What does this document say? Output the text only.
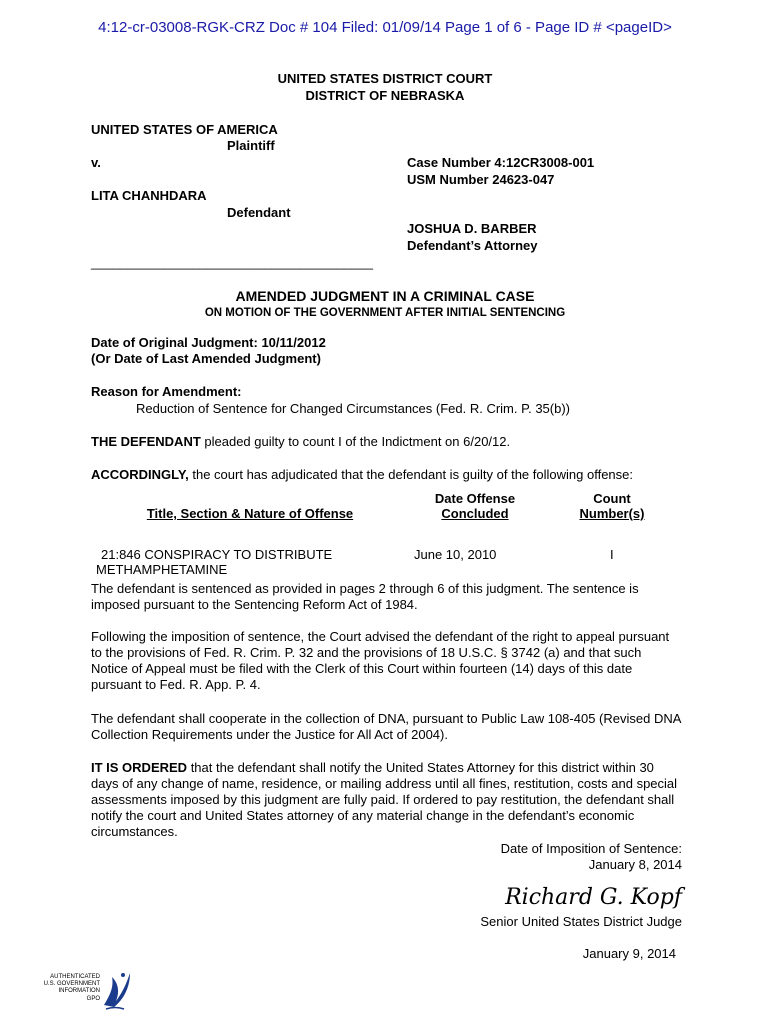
4:12-cr-03008-RGK-CRZ Doc # 104 Filed: 01/09/14 Page 1 of 6 - Page ID # <pageID>
UNITED STATES DISTRICT COURT
DISTRICT OF NEBRASKA
UNITED STATES OF AMERICA
Plaintiff
v.	Case Number 4:12CR3008-001
USM Number 24623-047
LITA CHANHDARA
Defendant
JOSHUA D. BARBER
Defendant’s Attorney
_______________________________________
AMENDED JUDGMENT IN A CRIMINAL CASE
ON MOTION OF THE GOVERNMENT AFTER INITIAL SENTENCING
Date of Original Judgment: 10/11/2012
(Or Date of Last Amended Judgment)
Reason for Amendment:
Reduction of Sentence for Changed Circumstances (Fed. R. Crim. P. 35(b))
THE DEFENDANT pleaded guilty to count I of the Indictment on 6/20/12.
ACCORDINGLY, the court has adjudicated that the defendant is guilty of the following offense:
Title, Section & Nature of Offense
Date Offense
Concluded
Count
Number(s)
21:846 CONSPIRACY TO DISTRIBUTE
METHAMPHETAMINE
June 10, 2010	I
The defendant is sentenced as provided in pages 2 through 6 of this judgment. The sentence is imposed pursuant to the Sentencing Reform Act of 1984.
Following the imposition of sentence, the Court advised the defendant of the right to appeal pursuant to the provisions of Fed. R. Crim. P. 32 and the provisions of 18 U.S.C. § 3742 (a) and that such Notice of Appeal must be filed with the Clerk of this Court within fourteen (14) days of this date pursuant to Fed. R. App. P. 4.
The defendant shall cooperate in the collection of DNA, pursuant to Public Law 108-405 (Revised DNA Collection Requirements under the Justice for All Act of 2004).
IT IS ORDERED that the defendant shall notify the United States Attorney for this district within 30 days of any change of name, residence, or mailing address until all fines, restitution, costs and special assessments imposed by this judgment are fully paid. If ordered to pay restitution, the defendant shall notify the court and United States attorney of any material change in the defendant’s economic circumstances.
Date of Imposition of Sentence:
January 8, 2014
Richard G. Kopf
Senior United States District Judge
January 9, 2014
AUTHENTICATED
U.S. GOVERNMENT
INFORMATION
GPO
